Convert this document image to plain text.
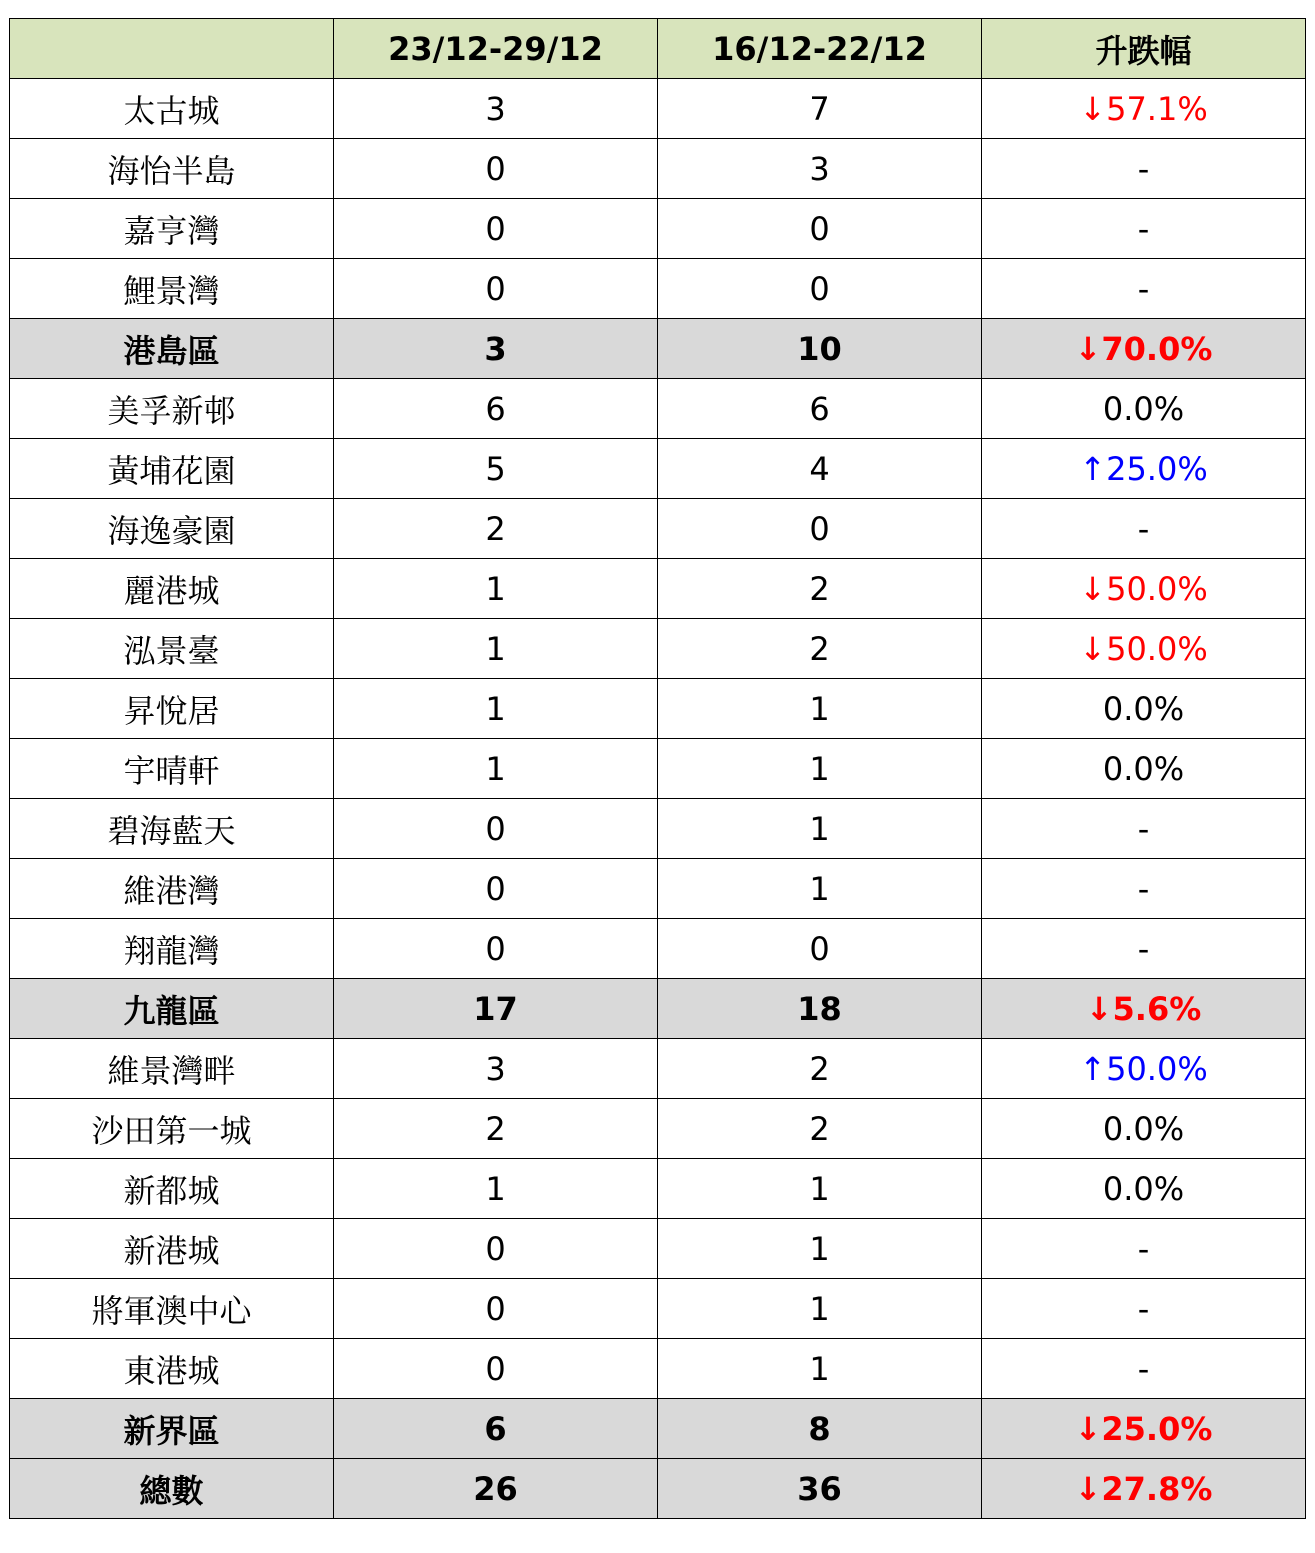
	23/12-29/12	16/12-22/12	升跌幅
太古城	3	7	↓57.1%
海怡半島	0	3	-
嘉亨灣	0	0	-
鯉景灣	0	0	-
港島區	3	10	↓70.0%
美孚新邨	6	6	0.0%
黃埔花園	5	4	↑25.0%
海逸豪園	2	0	-
麗港城	1	2	↓50.0%
泓景臺	1	2	↓50.0%
昇悅居	1	1	0.0%
宇晴軒	1	1	0.0%
碧海藍天	0	1	-
維港灣	0	1	-
翔龍灣	0	0	-
九龍區	17	18	↓5.6%
維景灣畔	3	2	↑50.0%
沙田第一城	2	2	0.0%
新都城	1	1	0.0%
新港城	0	1	-
將軍澳中心	0	1	-
東港城	0	1	-
新界區	6	8	↓25.0%
總數	26	36	↓27.8%
